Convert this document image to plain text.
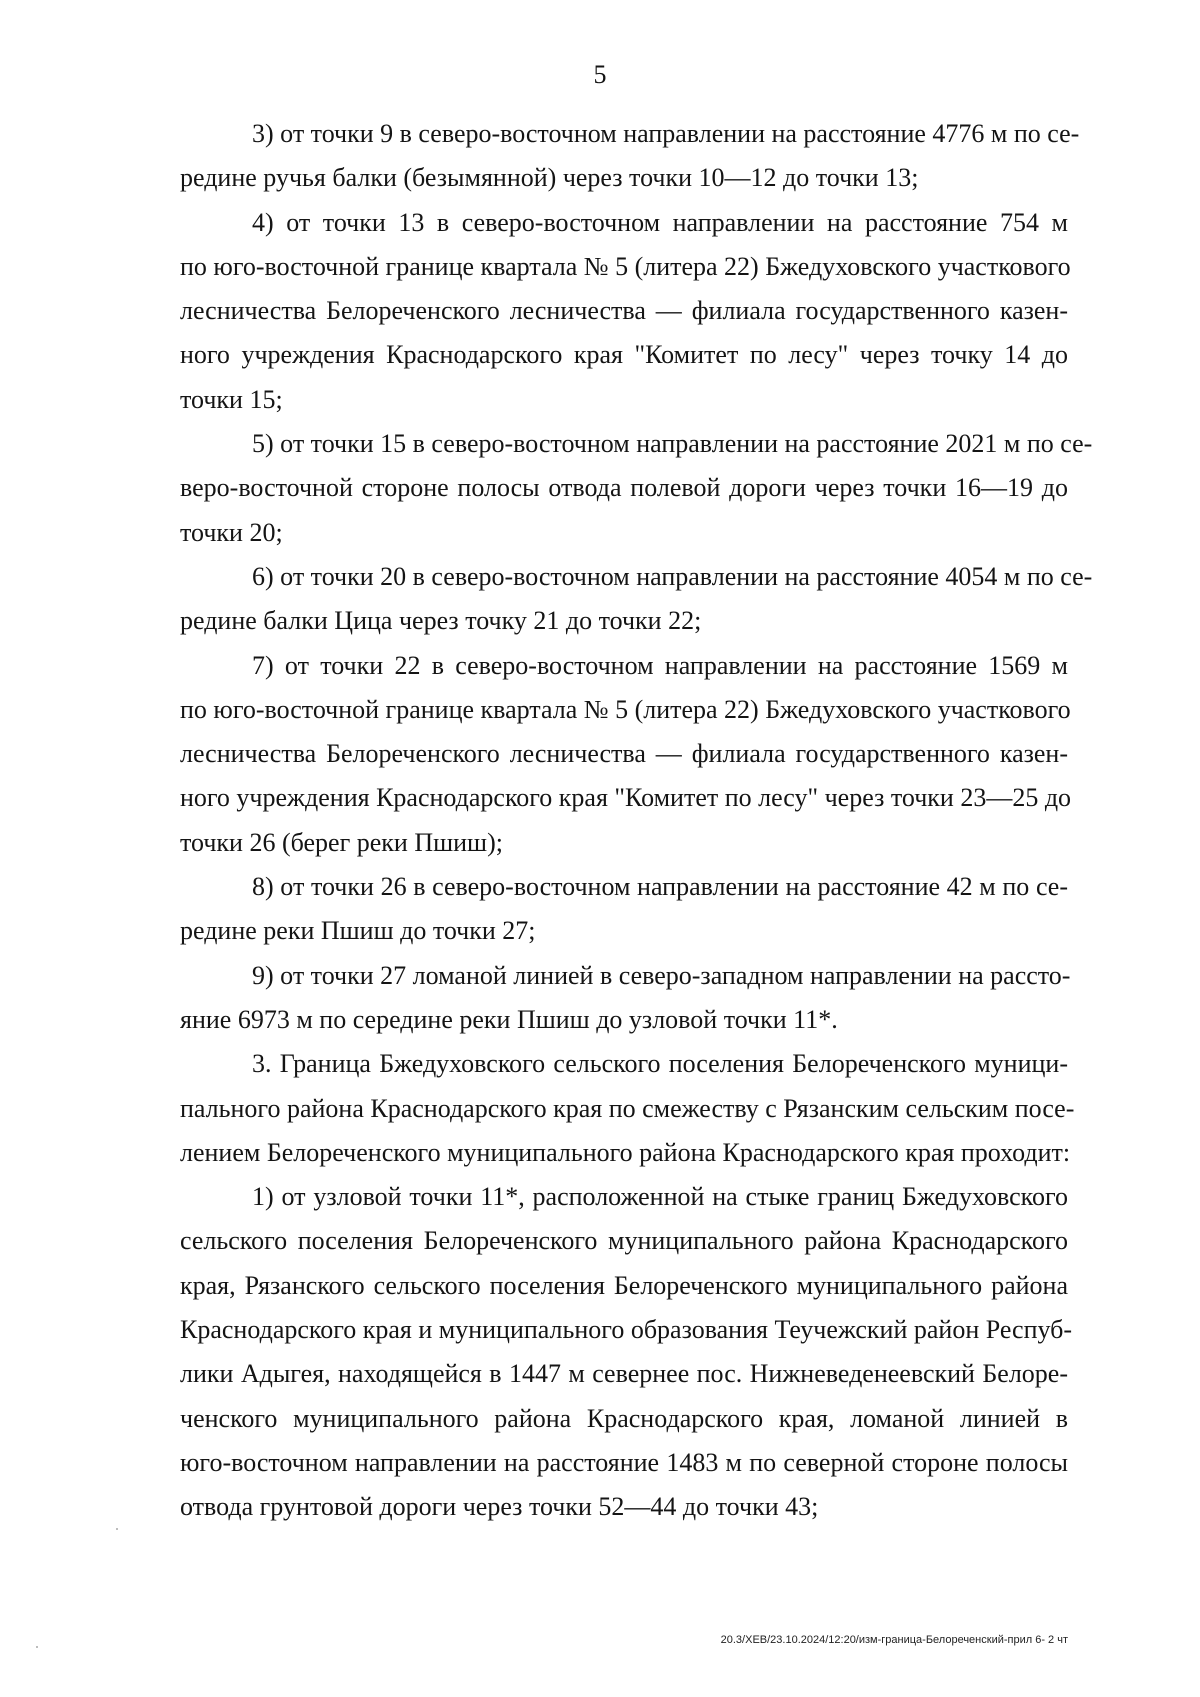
5

3) от точки 9 в северо-восточном направлении на расстояние 4776 м по се-
редине ручья балки (безымянной) через точки 10—12 до точки 13;

4) от точки 13 в северо-восточном направлении на расстояние 754 м
по юго-восточной границе квартала № 5 (литера 22) Бжедуховского участкового
лесничества Белореченского лесничества — филиала государственного казен-
ного учреждения Краснодарского края "Комитет по лесу" через точку 14 до
точки 15;

5) от точки 15 в северо-восточном направлении на расстояние 2021 м по се-
веро-восточной стороне полосы отвода полевой дороги через точки 16—19 до
точки 20;

6) от точки 20 в северо-восточном направлении на расстояние 4054 м по се-
редине балки Цица через точку 21 до точки 22;

7) от точки 22 в северо-восточном направлении на расстояние 1569 м
по юго-восточной границе квартала № 5 (литера 22) Бжедуховского участкового
лесничества Белореченского лесничества — филиала государственного казен-
ного учреждения Краснодарского края "Комитет по лесу" через точки 23—25 до
точки 26 (берег реки Пшиш);

8) от точки 26 в северо-восточном направлении на расстояние 42 м по се-
редине реки Пшиш до точки 27;

9) от точки 27 ломаной линией в северо-западном направлении на рассто-
яние 6973 м по середине реки Пшиш до узловой точки 11*.

3. Граница Бжедуховского сельского поселения Белореченского муници-
пального района Краснодарского края по смежеству с Рязанским сельским посе-
лением Белореченского муниципального района Краснодарского края проходит:

1) от узловой точки 11*, расположенной на стыке границ Бжедуховского
сельского поселения Белореченского муниципального района Краснодарского
края, Рязанского сельского поселения Белореченского муниципального района
Краснодарского края и муниципального образования Теучежский район Респуб-
лики Адыгея, находящейся в 1447 м севернее пос. Нижневеденеевский Белоре-
ченского муниципального района Краснодарского края, ломаной линией в
юго-восточном направлении на расстояние 1483 м по северной стороне полосы
отвода грунтовой дороги через точки 52—44 до точки 43;

20.3/ХЕВ/23.10.2024/12:20/изм-граница-Белореченский-прил 6- 2 чт
